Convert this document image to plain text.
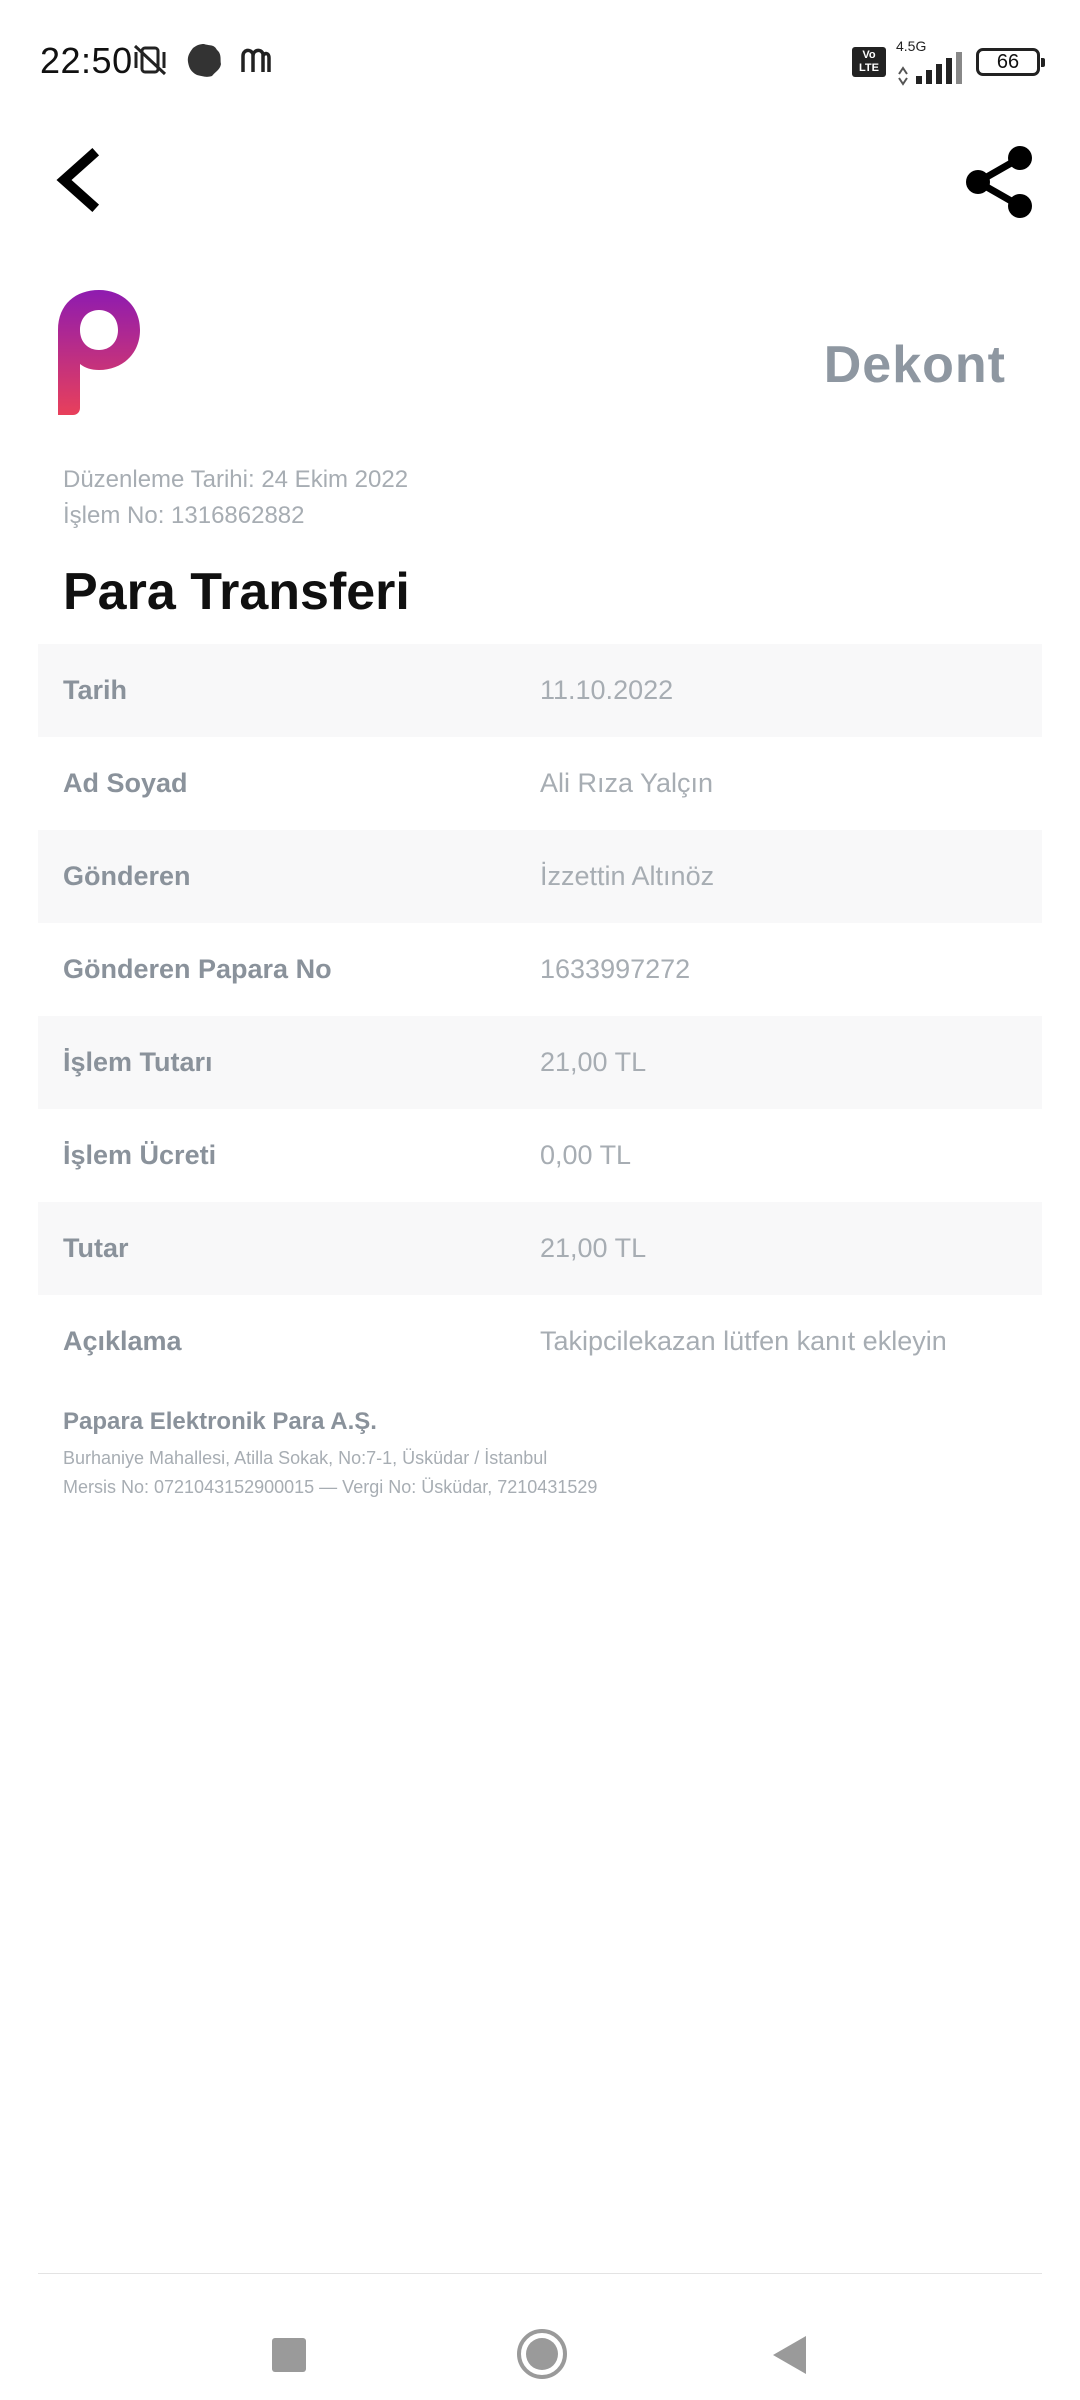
22:50	Vo
LTE
4.5G
66
Dekont
Düzenleme Tarihi: 24 Ekim 2022
İşlem No: 1316862882
Para Transferi
Tarih	11.10.2022
Ad Soyad	Ali Rıza Yalçın
Gönderen	İzzettin Altınöz
Gönderen Papara No	1633997272
İşlem Tutarı	21,00 TL
İşlem Ücreti	0,00 TL
Tutar	21,00 TL
Açıklama	Takipcilekazan lütfen kanıt ekleyin
Papara Elektronik Para A.Ş.
Burhaniye Mahallesi, Atilla Sokak, No:7-1, Üsküdar / İstanbul
Mersis No: 0721043152900015 — Vergi No: Üsküdar, 7210431529
